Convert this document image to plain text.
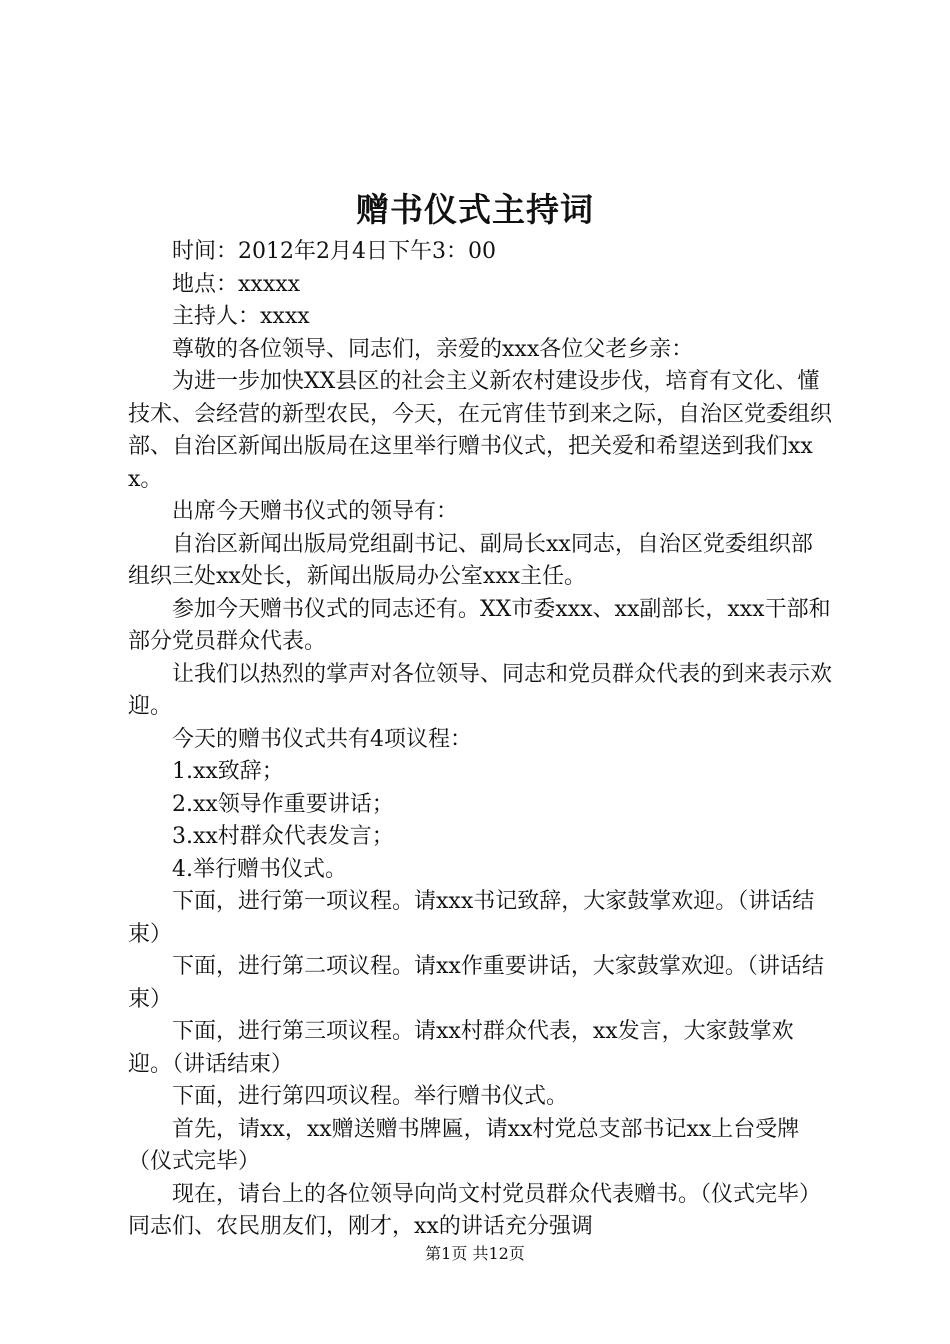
赠书仪式主持词

时间：2012年2月4日下午3：00

地点：xxxxx

主持人：xxxx

尊敬的各位领导、同志们，亲爱的xxx各位父老乡亲：

为进一步加快XX县区的社会主义新农村建设步伐，培育有文化、懂技术、会经营的新型农民，今天，在元宵佳节到来之际，自治区党委组织部、自治区新闻出版局在这里举行赠书仪式，把关爱和希望送到我们xxx。

出席今天赠书仪式的领导有：

自治区新闻出版局党组副书记、副局长xx同志，自治区党委组织部组织三处xx处长，新闻出版局办公室xxx主任。

参加今天赠书仪式的同志还有。XX市委xxx、xx副部长，xxx干部和部分党员群众代表。

让我们以热烈的掌声对各位领导、同志和党员群众代表的到来表示欢迎。

今天的赠书仪式共有4项议程：

1.xx致辞；

2.xx领导作重要讲话；

3.xx村群众代表发言；

4.举行赠书仪式。

下面，进行第一项议程。请xxx书记致辞，大家鼓掌欢迎。（讲话结束）

下面，进行第二项议程。请xx作重要讲话，大家鼓掌欢迎。（讲话结束）

下面，进行第三项议程。请xx村群众代表，xx发言，大家鼓掌欢迎。（讲话结束）

下面，进行第四项议程。举行赠书仪式。

首先，请xx，xx赠送赠书牌匾，请xx村党总支部书记xx上台受牌（仪式完毕）

现在，请台上的各位领导向尚文村党员群众代表赠书。（仪式完毕）同志们、农民朋友们，刚才，xx的讲话充分强调

第1页 共12页
